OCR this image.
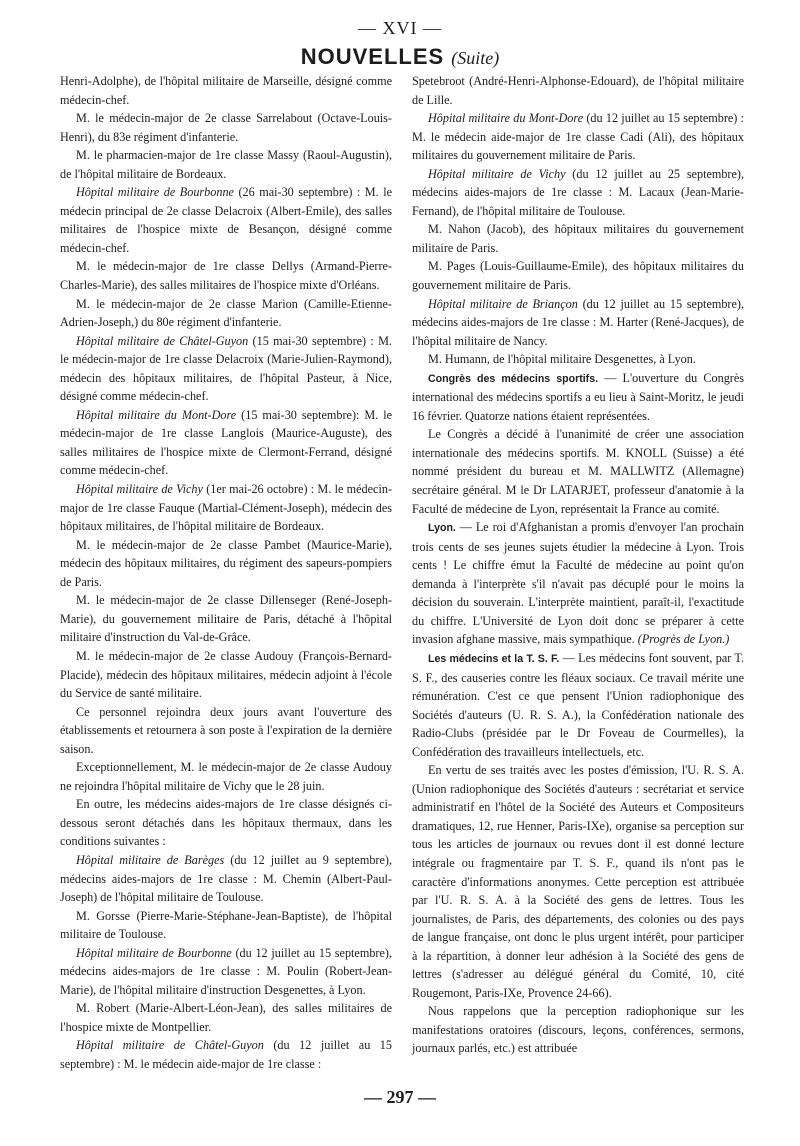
— XVI —
NOUVELLES (Suite)

Henri-Adolphe), de l'hôpital militaire de Marseille, désigné comme médecin-chef.

M. le médecin-major de 2e classe Sarrelabout (Octave-Louis-Henri), du 83e régiment d'infanterie.

M. le pharmacien-major de 1re classe Massy (Raoul-Augustin), de l'hôpital militaire de Bordeaux.

Hôpital militaire de Bourbonne (26 mai-30 septembre) : M. le médecin principal de 2e classe Delacroix (Albert-Emile), des salles militaires de l'hospice mixte de Besançon, désigné comme médecin-chef.

M. le médecin-major de 1re classe Dellys (Armand-Pierre-Charles-Marie), des salles militaires de l'hospice mixte d'Orléans.

M. le médecin-major de 2e classe Marion (Camille-Etienne-Adrien-Joseph,) du 80e régiment d'infanterie.

Hôpital militaire de Châtel-Guyon (15 mai-30 septembre) : M. le médecin-major de 1re classe Delacroix (Marie-Julien-Raymond), médecin des hôpitaux militaires, de l'hôpital Pasteur, à Nice, désigné comme médecin-chef.

Hôpital militaire du Mont-Dore (15 mai-30 septembre): M. le médecin-major de 1re classe Langlois (Maurice-Auguste), des salles militaires de l'hospice mixte de Clermont-Ferrand, désigné comme médecin-chef.

Hôpital militaire de Vichy (1er mai-26 octobre) : M. le médecin-major de 1re classe Fauque (Martial-Clément-Joseph), médecin des hôpitaux militaires, de l'hôpital militaire de Bordeaux.

M. le médecin-major de 2e classe Pambet (Maurice-Marie), médecin des hôpitaux militaires, du régiment des sapeurs-pompiers de Paris.

M. le médecin-major de 2e classe Dillenseger (René-Joseph-Marie), du gouvernement militaire de Paris, détaché à l'hôpital militaire d'instruction du Val-de-Grâce.

M. le médecin-major de 2e classe Audouy (François-Bernard-Placide), médecin des hôpitaux militaires, médecin adjoint à l'école du Service de santé militaire.

Ce personnel rejoindra deux jours avant l'ouverture des établissements et retournera à son poste à l'expiration de la dernière saison.

Exceptionnellement, M. le médecin-major de 2e classe Audouy ne rejoindra l'hôpital militaire de Vichy que le 28 juin.

En outre, les médecins aides-majors de 1re classe désignés ci-dessous seront détachés dans les hôpitaux thermaux, dans les conditions suivantes :

Hôpital militaire de Barèges (du 12 juillet au 9 septembre), médecins aides-majors de 1re classe : M. Chemin (Albert-Paul-Joseph) de l'hôpital militaire de Toulouse.

M. Gorsse (Pierre-Marie-Stéphane-Jean-Baptiste), de l'hôpital militaire de Toulouse.

Hôpital militaire de Bourbonne (du 12 juillet au 15 septembre), médecins aides-majors de 1re classe : M. Poulin (Robert-Jean-Marie), de l'hôpital militaire d'instruction Desgenettes, à Lyon.

M. Robert (Marie-Albert-Léon-Jean), des salles militaires de l'hospice mixte de Montpellier.

Hôpital militaire de Châtel-Guyon (du 12 juillet au 15 septembre) : M. le médecin aide-major de 1re classe :

Spetebroot (André-Henri-Alphonse-Edouard), de l'hôpital militaire de Lille.

Hôpital militaire du Mont-Dore (du 12 juillet au 15 septembre) : M. le médecin aide-major de 1re classe Cadi (Ali), des hôpitaux militaires du gouvernement militaire de Paris.

Hôpital militaire de Vichy (du 12 juillet au 25 septembre), médecins aides-majors de 1re classe : M. Lacaux (Jean-Marie-Fernand), de l'hôpital militaire de Toulouse.

M. Nahon (Jacob), des hôpitaux militaires du gouvernement militaire de Paris.

M. Pages (Louis-Guillaume-Emile), des hôpitaux militaires du gouvernement militaire de Paris.

Hôpital militaire de Briançon (du 12 juillet au 15 septembre), médecins aides-majors de 1re classe : M. Harter (René-Jacques), de l'hôpital militaire de Nancy.

M. Humann, de l'hôpital militaire Desgenettes, à Lyon.

Congrès des médecins sportifs. — L'ouverture du Congrès international des médecins sportifs a eu lieu à Saint-Moritz, le jeudi 16 février. Quatorze nations étaient représentées.

Le Congrès a décidé à l'unanimité de créer une association internationale des médecins sportifs. M. KNOLL (Suisse) a été nommé président du bureau et M. MALLWITZ (Allemagne) secrétaire général. M le Dr LATARJET, professeur d'anatomie à la Faculté de médecine de Lyon, représentait la France au comité.

Lyon. — Le roi d'Afghanistan a promis d'envoyer l'an prochain trois cents de ses jeunes sujets étudier la médecine à Lyon. Trois cents ! Le chiffre émut la Faculté de médecine au point qu'on demanda à l'interprète s'il n'avait pas décuplé pour le moins la décision du souverain. L'interprète maintient, paraît-il, l'exactitude du chiffre. L'Université de Lyon doit donc se préparer à cette invasion afghane massive, mais sympathique. (Progrès de Lyon.)

Les médecins et la T. S. F. — Les médecins font souvent, par T. S. F., des causeries contre les fléaux sociaux. Ce travail mérite une rémunération. C'est ce que pensent l'Union radiophonique des Sociétés d'auteurs (U. R. S. A.), la Confédération nationale des Radio-Clubs (présidée par le Dr Foveau de Courmelles), la Confédération des travailleurs intellectuels, etc.

En vertu de ses traités avec les postes d'émission, l'U. R. S. A. (Union radiophonique des Sociétés d'auteurs : secrétariat et service administratif en l'hôtel de la Société des Auteurs et Compositeurs dramatiques, 12, rue Henner, Paris-IXe), organise sa perception sur tous les articles de journaux ou revues dont il est donné lecture intégrale ou fragmentaire par T. S. F., quand ils n'ont pas le caractère d'informations anonymes. Cette perception est attribuée par l'U. R. S. A. à la Société des gens de lettres. Tous les journalistes, de Paris, des départements, des colonies ou des pays de langue française, ont donc le plus urgent intérêt, pour participer à la répartition, à donner leur adhésion à la Société des gens de lettres (s'adresser au délégué général du Comité, 10, cité Rougemont, Paris-IXe, Provence 24-66).

Nous rappelons que la perception radiophonique sur les manifestations oratoires (discours, leçons, conférences, sermons, journaux parlés, etc.) est attribuée

— 297 —
